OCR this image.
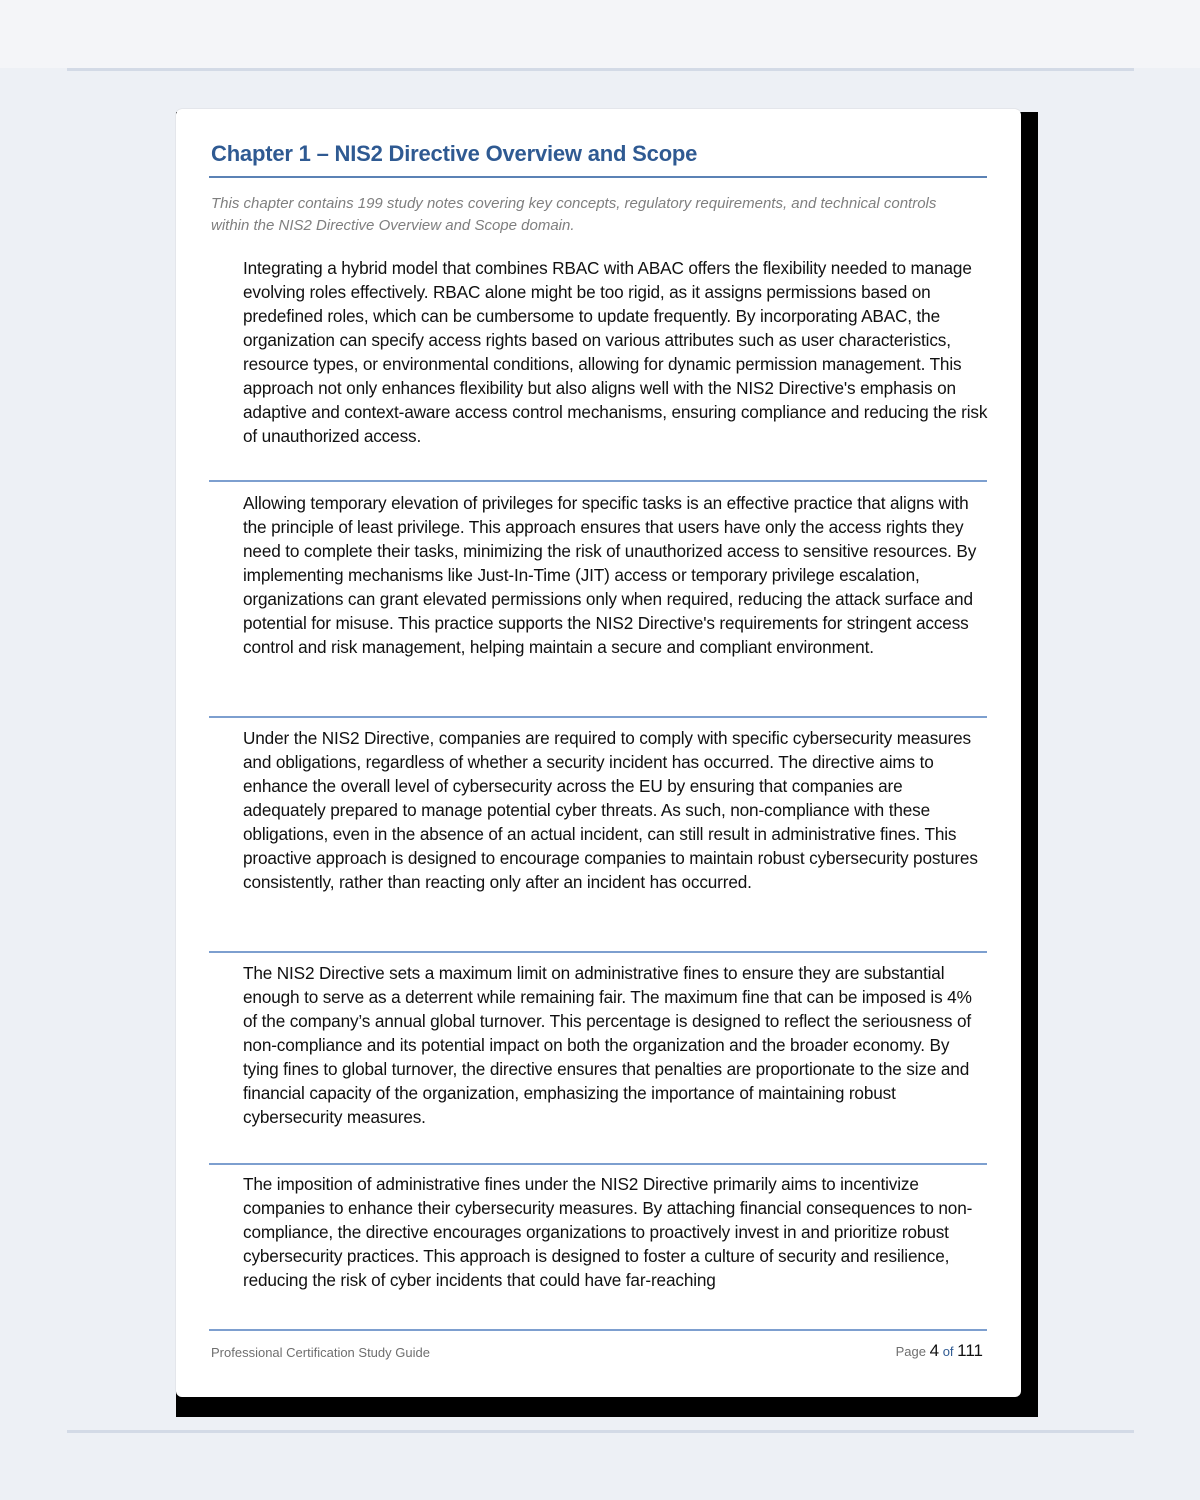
Chapter 1 – NIS2 Directive Overview and Scope

This chapter contains 199 study notes covering key concepts, regulatory requirements, and technical controls within the NIS2 Directive Overview and Scope domain.

Integrating a hybrid model that combines RBAC with ABAC offers the flexibility needed to manage evolving roles effectively. RBAC alone might be too rigid, as it assigns permissions based on predefined roles, which can be cumbersome to update frequently. By incorporating ABAC, the organization can specify access rights based on various attributes such as user characteristics, resource types, or environmental conditions, allowing for dynamic permission management. This approach not only enhances flexibility but also aligns well with the NIS2 Directive's emphasis on adaptive and context-aware access control mechanisms, ensuring compliance and reducing the risk of unauthorized access.

Allowing temporary elevation of privileges for specific tasks is an effective practice that aligns with the principle of least privilege. This approach ensures that users have only the access rights they need to complete their tasks, minimizing the risk of unauthorized access to sensitive resources. By implementing mechanisms like Just-In-Time (JIT) access or temporary privilege escalation, organizations can grant elevated permissions only when required, reducing the attack surface and potential for misuse. This practice supports the NIS2 Directive's requirements for stringent access control and risk management, helping maintain a secure and compliant environment.

Under the NIS2 Directive, companies are required to comply with specific cybersecurity measures and obligations, regardless of whether a security incident has occurred. The directive aims to enhance the overall level of cybersecurity across the EU by ensuring that companies are adequately prepared to manage potential cyber threats. As such, non-compliance with these obligations, even in the absence of an actual incident, can still result in administrative fines. This proactive approach is designed to encourage companies to maintain robust cybersecurity postures consistently, rather than reacting only after an incident has occurred.

The NIS2 Directive sets a maximum limit on administrative fines to ensure they are substantial enough to serve as a deterrent while remaining fair. The maximum fine that can be imposed is 4% of the company’s annual global turnover. This percentage is designed to reflect the seriousness of non-compliance and its potential impact on both the organization and the broader economy. By tying fines to global turnover, the directive ensures that penalties are proportionate to the size and financial capacity of the organization, emphasizing the importance of maintaining robust cybersecurity measures.

The imposition of administrative fines under the NIS2 Directive primarily aims to incentivize companies to enhance their cybersecurity measures. By attaching financial consequences to non-compliance, the directive encourages organizations to proactively invest in and prioritize robust cybersecurity practices. This approach is designed to foster a culture of security and resilience, reducing the risk of cyber incidents that could have far-reaching

Professional Certification Study Guide	Page 4 of 111
